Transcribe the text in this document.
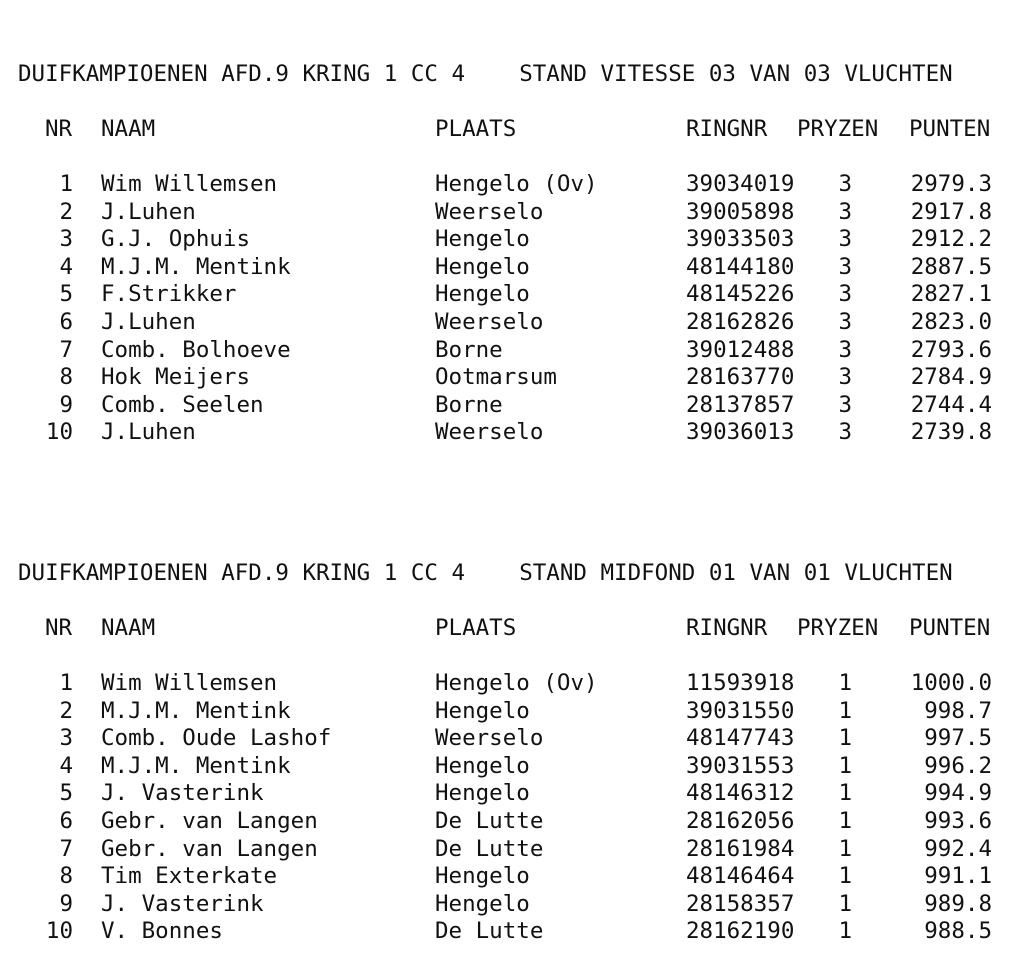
DUIFKAMPIOENEN AFD.9 KRING 1 CC 4 STAND VITESSE 03 VAN 03 VLUCHTEN
NR NAAM	PLAATS	RINGNR PRYZEN PUNTEN
1 Wim Willemsen	Hengelo (Ov)	39034019 3	2979.3
2 J.Luhen	Weerselo	39005898 3	2917.8
3 G.J. Ophuis	Hengelo	39033503 3	2912.2
4 M.J.M. Mentink	Hengelo	48144180 3	2887.5
5 F.Strikker	Hengelo	48145226 3	2827.1
6 J.Luhen	Weerselo	28162826 3	2823.0
7 Comb. Bolhoeve	Borne	39012488 3	2793.6
8 Hok Meijers	Ootmarsum	28163770 3	2784.9
9 Comb. Seelen	Borne	28137857 3	2744.4
10 J.Luhen	Weerselo	39036013 3	2739.8
DUIFKAMPIOENEN AFD.9 KRING 1 CC 4 STAND MIDFOND 01 VAN 01 VLUCHTEN
NR NAAM	PLAATS	RINGNR PRYZEN PUNTEN
1 Wim Willemsen	Hengelo (Ov)	11593918 1	1000.0
2 M.J.M. Mentink	Hengelo	39031550 1	998.7
3 Comb. Oude Lashof	Weerselo	48147743 1	997.5
4 M.J.M. Mentink	Hengelo	39031553 1	996.2
5 J. Vasterink	Hengelo	48146312 1	994.9
6 Gebr. van Langen	De Lutte	28162056 1	993.6
7 Gebr. van Langen	De Lutte	28161984 1	992.4
8 Tim Exterkate	Hengelo	48146464 1	991.1
9 J. Vasterink	Hengelo	28158357 1	989.8
10 V. Bonnes	De Lutte	28162190 1	988.5
